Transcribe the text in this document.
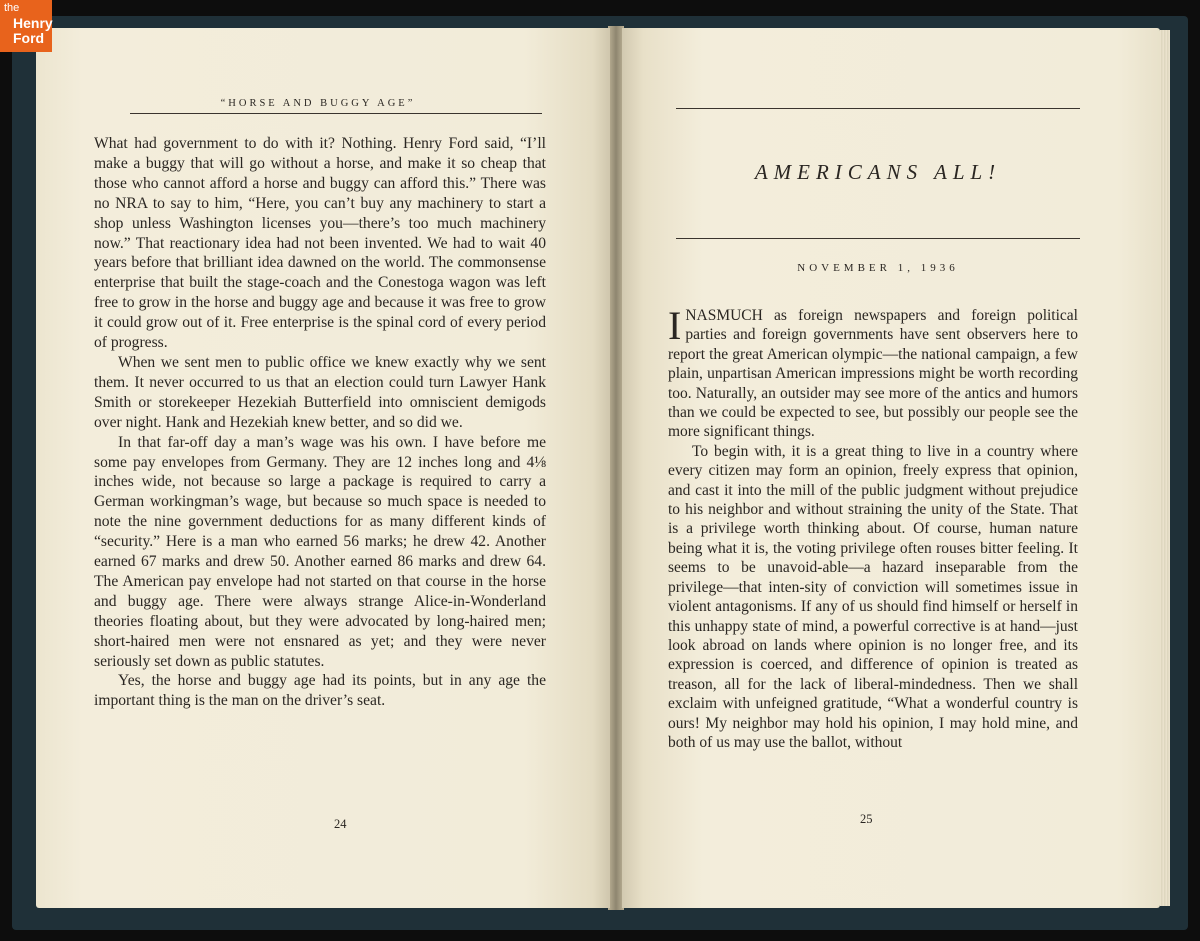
the
Henry
Ford
“HORSE AND BUGGY AGE”

What had government to do with it? Nothing. Henry Ford said, “I’ll make a buggy that will go without a horse, and make it so cheap that those who cannot afford a horse and buggy can afford this.” There was no NRA to say to him, “Here, you can’t buy any machinery to start a shop unless Washington licenses you—there’s too much machinery now.” That reactionary idea had not been invented. We had to wait 40 years before that brilliant idea dawned on the world. The commonsense enterprise that built the stage-coach and the Conestoga wagon was left free to grow in the horse and buggy age and because it was free to grow it could grow out of it. Free enterprise is the spinal cord of every period of progress.

When we sent men to public office we knew exactly why we sent them. It never occurred to us that an election could turn Lawyer Hank Smith or storekeeper Hezekiah Butterfield into omniscient demigods over night. Hank and Hezekiah knew better, and so did we.

In that far-off day a man’s wage was his own. I have before me some pay envelopes from Germany. They are 12 inches long and 4⅛ inches wide, not because so large a package is required to carry a German workingman’s wage, but because so much space is needed to note the nine government deductions for as many different kinds of “security.” Here is a man who earned 56 marks; he drew 42. Another earned 67 marks and drew 50. Another earned 86 marks and drew 64. The American pay envelope had not started on that course in the horse and buggy age. There were always strange Alice-in-Wonderland theories floating about, but they were advocated by long-haired men; short-haired men were not ensnared as yet; and they were never seriously set down as public statutes.

Yes, the horse and buggy age had its points, but in any age the important thing is the man on the driver’s seat.

24
AMERICANS ALL!
NOVEMBER 1, 1936

INASMUCH as foreign newspapers and foreign political parties and foreign governments have sent observers here to report the great American olympic—the national campaign, a few plain, unpartisan American impressions might be worth recording too. Naturally, an outsider may see more of the antics and humors than we could be expected to see, but possibly our people see the more significant things.

To begin with, it is a great thing to live in a country where every citizen may form an opinion, freely express that opinion, and cast it into the mill of the public judgment without prejudice to his neighbor and without straining the unity of the State. That is a privilege worth thinking about. Of course, human nature being what it is, the voting privilege often rouses bitter feeling. It seems to be unavoid-able—a hazard inseparable from the privilege—that inten-sity of conviction will sometimes issue in violent antagonisms. If any of us should find himself or herself in this unhappy state of mind, a powerful corrective is at hand—just look abroad on lands where opinion is no longer free, and its expression is coerced, and difference of opinion is treated as treason, all for the lack of liberal-mindedness. Then we shall exclaim with unfeigned gratitude, “What a wonderful country is ours! My neighbor may hold his opinion, I may hold mine, and both of us may use the ballot, without

25
